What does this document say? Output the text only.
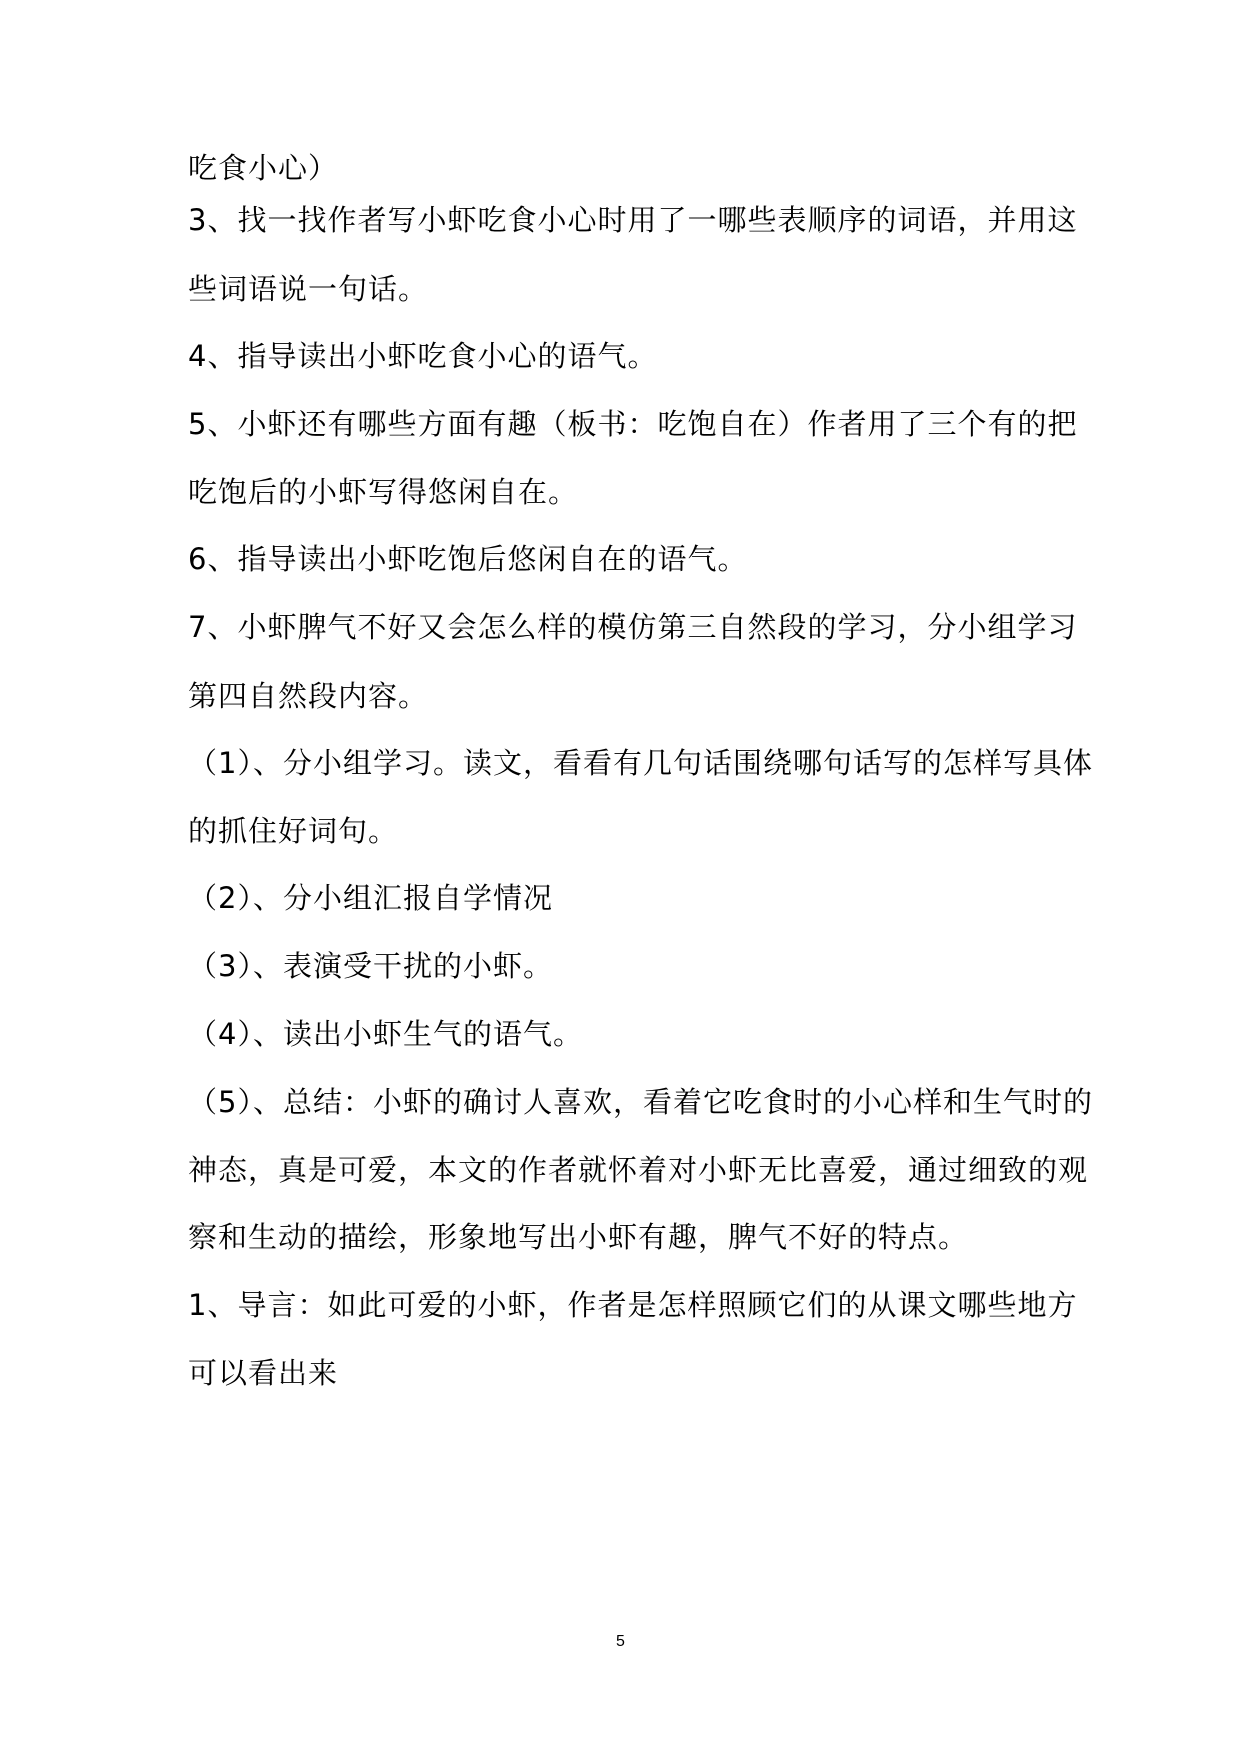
吃食小心）
3、找一找作者写小虾吃食小心时用了一哪些表顺序的词语，并用这
些词语说一句话。
4、指导读出小虾吃食小心的语气。
5、小虾还有哪些方面有趣（板书：吃饱自在）作者用了三个有的把
吃饱后的小虾写得悠闲自在。
6、指导读出小虾吃饱后悠闲自在的语气。
7、小虾脾气不好又会怎么样的模仿第三自然段的学习，分小组学习
第四自然段内容。
（1）、分小组学习。读文，看看有几句话围绕哪句话写的怎样写具体
的抓住好词句。
（2）、分小组汇报自学情况
（3）、表演受干扰的小虾。
（4）、读出小虾生气的语气。
（5）、总结：小虾的确讨人喜欢，看着它吃食时的小心样和生气时的
神态，真是可爱，本文的作者就怀着对小虾无比喜爱，通过细致的观
察和生动的描绘，形象地写出小虾有趣，脾气不好的特点。
1、导言：如此可爱的小虾，作者是怎样照顾它们的从课文哪些地方
可以看出来
5
